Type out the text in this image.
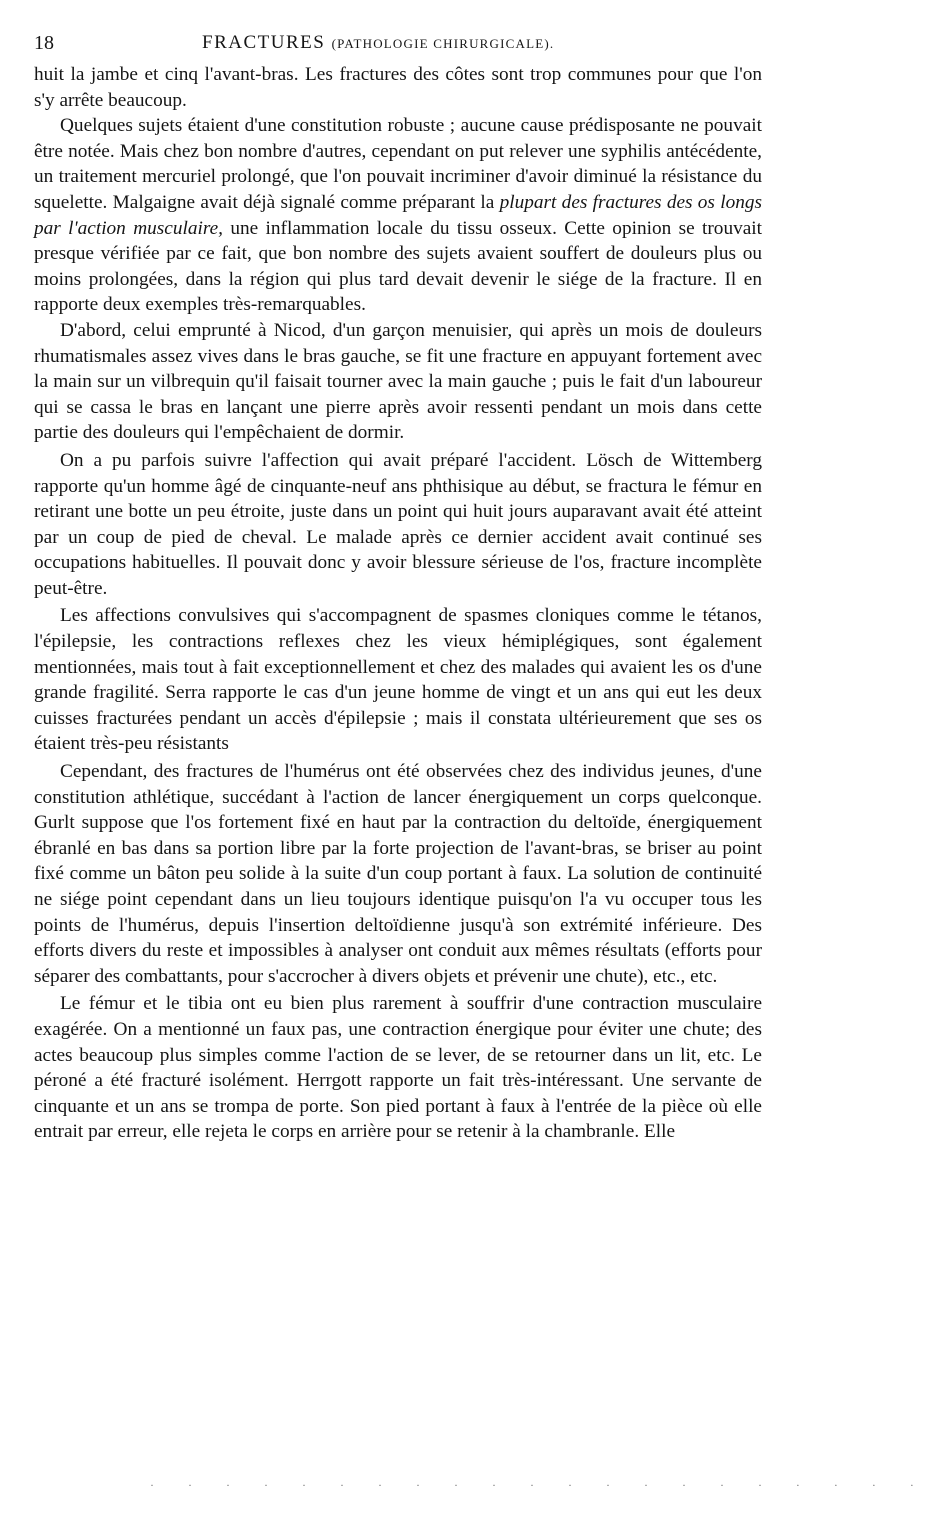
18	FRACTURES (PATHOLOGIE CHIRURGICALE).

huit la jambe et cinq l'avant-bras. Les fractures des côtes sont trop communes pour que l'on s'y arrête beaucoup.

Quelques sujets étaient d'une constitution robuste ; aucune cause prédisposante ne pouvait être notée. Mais chez bon nombre d'autres, cependant on put relever une syphilis antécédente, un traitement mercuriel prolongé, que l'on pouvait incriminer d'avoir diminué la résistance du squelette. Malgaigne avait déjà signalé comme préparant la plupart des fractures des os longs par l'action musculaire, une inflammation locale du tissu osseux. Cette opinion se trouvait presque vérifiée par ce fait, que bon nombre des sujets avaient souffert de douleurs plus ou moins prolongées, dans la région qui plus tard devait devenir le siége de la fracture. Il en rapporte deux exemples très-remarquables.

D'abord, celui emprunté à Nicod, d'un garçon menuisier, qui après un mois de douleurs rhumatismales assez vives dans le bras gauche, se fit une fracture en appuyant fortement avec la main sur un vilbrequin qu'il faisait tourner avec la main gauche ; puis le fait d'un laboureur qui se cassa le bras en lançant une pierre après avoir ressenti pendant un mois dans cette partie des douleurs qui l'empêchaient de dormir.

On a pu parfois suivre l'affection qui avait préparé l'accident. Lösch de Wittemberg rapporte qu'un homme âgé de cinquante-neuf ans phthisique au début, se fractura le fémur en retirant une botte un peu étroite, juste dans un point qui huit jours auparavant avait été atteint par un coup de pied de cheval. Le malade après ce dernier accident avait continué ses occupations habituelles. Il pouvait donc y avoir blessure sérieuse de l'os, fracture incomplète peut-être.

Les affections convulsives qui s'accompagnent de spasmes cloniques comme le tétanos, l'épilepsie, les contractions reflexes chez les vieux hémiplégiques, sont également mentionnées, mais tout à fait exceptionnellement et chez des malades qui avaient les os d'une grande fragilité. Serra rapporte le cas d'un jeune homme de vingt et un ans qui eut les deux cuisses fracturées pendant un accès d'épilepsie ; mais il constata ultérieurement que ses os étaient très-peu résistants

Cependant, des fractures de l'humérus ont été observées chez des individus jeunes, d'une constitution athlétique, succédant à l'action de lancer énergiquement un corps quelconque. Gurlt suppose que l'os fortement fixé en haut par la contraction du deltoïde, énergiquement ébranlé en bas dans sa portion libre par la forte projection de l'avant-bras, se briser au point fixé comme un bâton peu solide à la suite d'un coup portant à faux. La solution de continuité ne siége point cependant dans un lieu toujours identique puisqu'on l'a vu occuper tous les points de l'humérus, depuis l'insertion deltoïdienne jusqu'à son extrémité inférieure. Des efforts divers du reste et impossibles à analyser ont conduit aux mêmes résultats (efforts pour séparer des combattants, pour s'accrocher à divers objets et prévenir une chute), etc., etc.

Le fémur et le tibia ont eu bien plus rarement à souffrir d'une contraction musculaire exagérée. On a mentionné un faux pas, une contraction énergique pour éviter une chute; des actes beaucoup plus simples comme l'action de se lever, de se retourner dans un lit, etc. Le péroné a été fracturé isolément. Herrgott rapporte un fait très-intéressant. Une servante de cinquante et un ans se trompa de porte. Son pied portant à faux à l'entrée de la pièce où elle entrait par erreur, elle rejeta le corps en arrière pour se retenir à la chambranle. Elle

·····················
